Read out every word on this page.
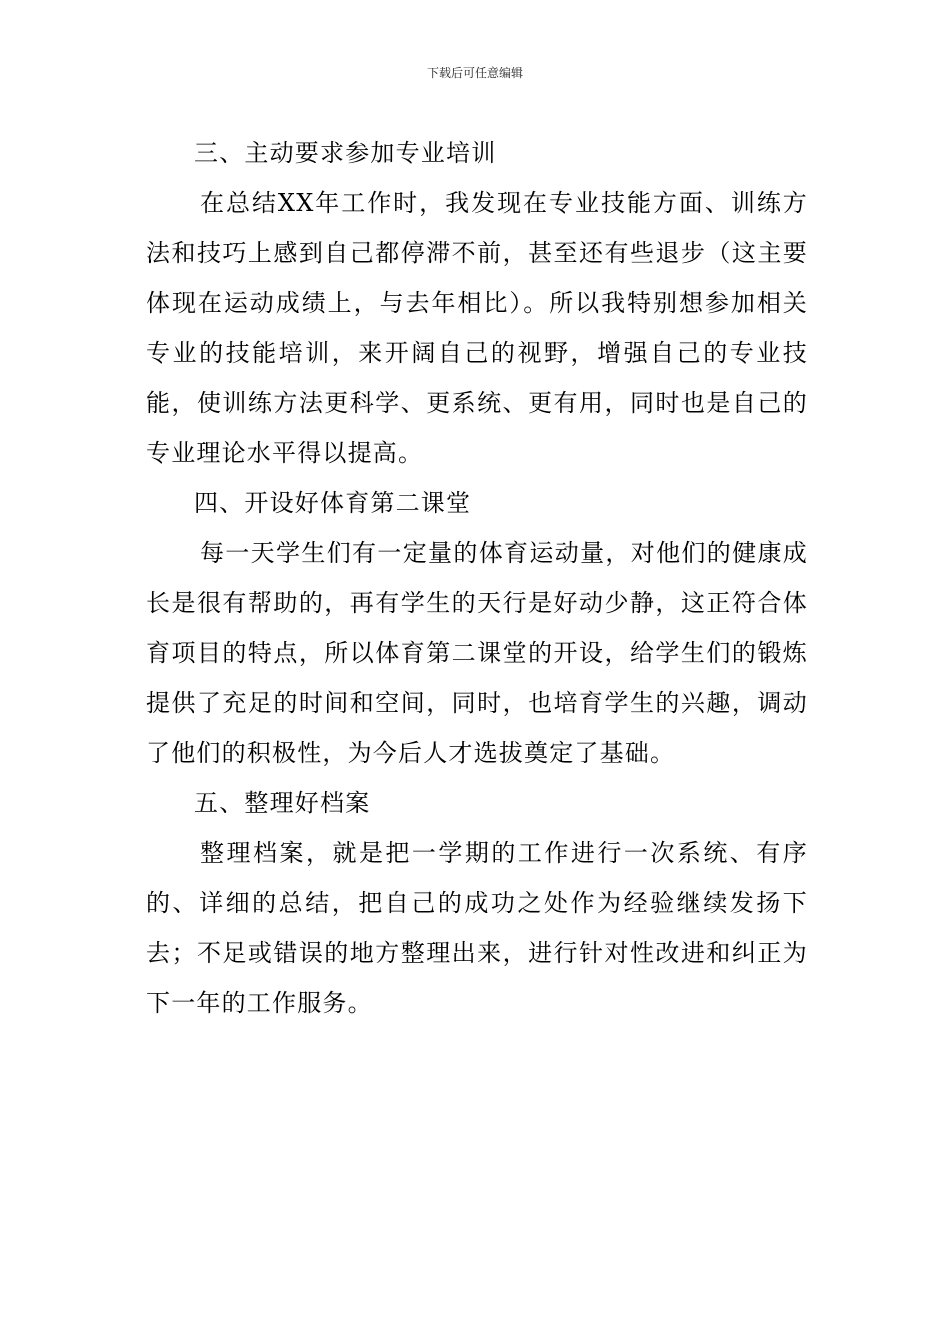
下载后可任意编辑

三、主动要求参加专业培训

在总结XX年工作时，我发现在专业技能方面、训练方法和技巧上感到自己都停滞不前，甚至还有些退步（这主要体现在运动成绩上，与去年相比）。所以我特别想参加相关专业的技能培训，来开阔自己的视野，增强自己的专业技能，使训练方法更科学、更系统、更有用，同时也是自己的专业理论水平得以提高。

四、开设好体育第二课堂

每一天学生们有一定量的体育运动量，对他们的健康成长是很有帮助的，再有学生的天行是好动少静，这正符合体育项目的特点，所以体育第二课堂的开设，给学生们的锻炼提供了充足的时间和空间，同时，也培育学生的兴趣，调动了他们的积极性，为今后人才选拔奠定了基础。

五、整理好档案

整理档案，就是把一学期的工作进行一次系统、有序的、详细的总结，把自己的成功之处作为经验继续发扬下去；不足或错误的地方整理出来，进行针对性改进和纠正为下一年的工作服务。
